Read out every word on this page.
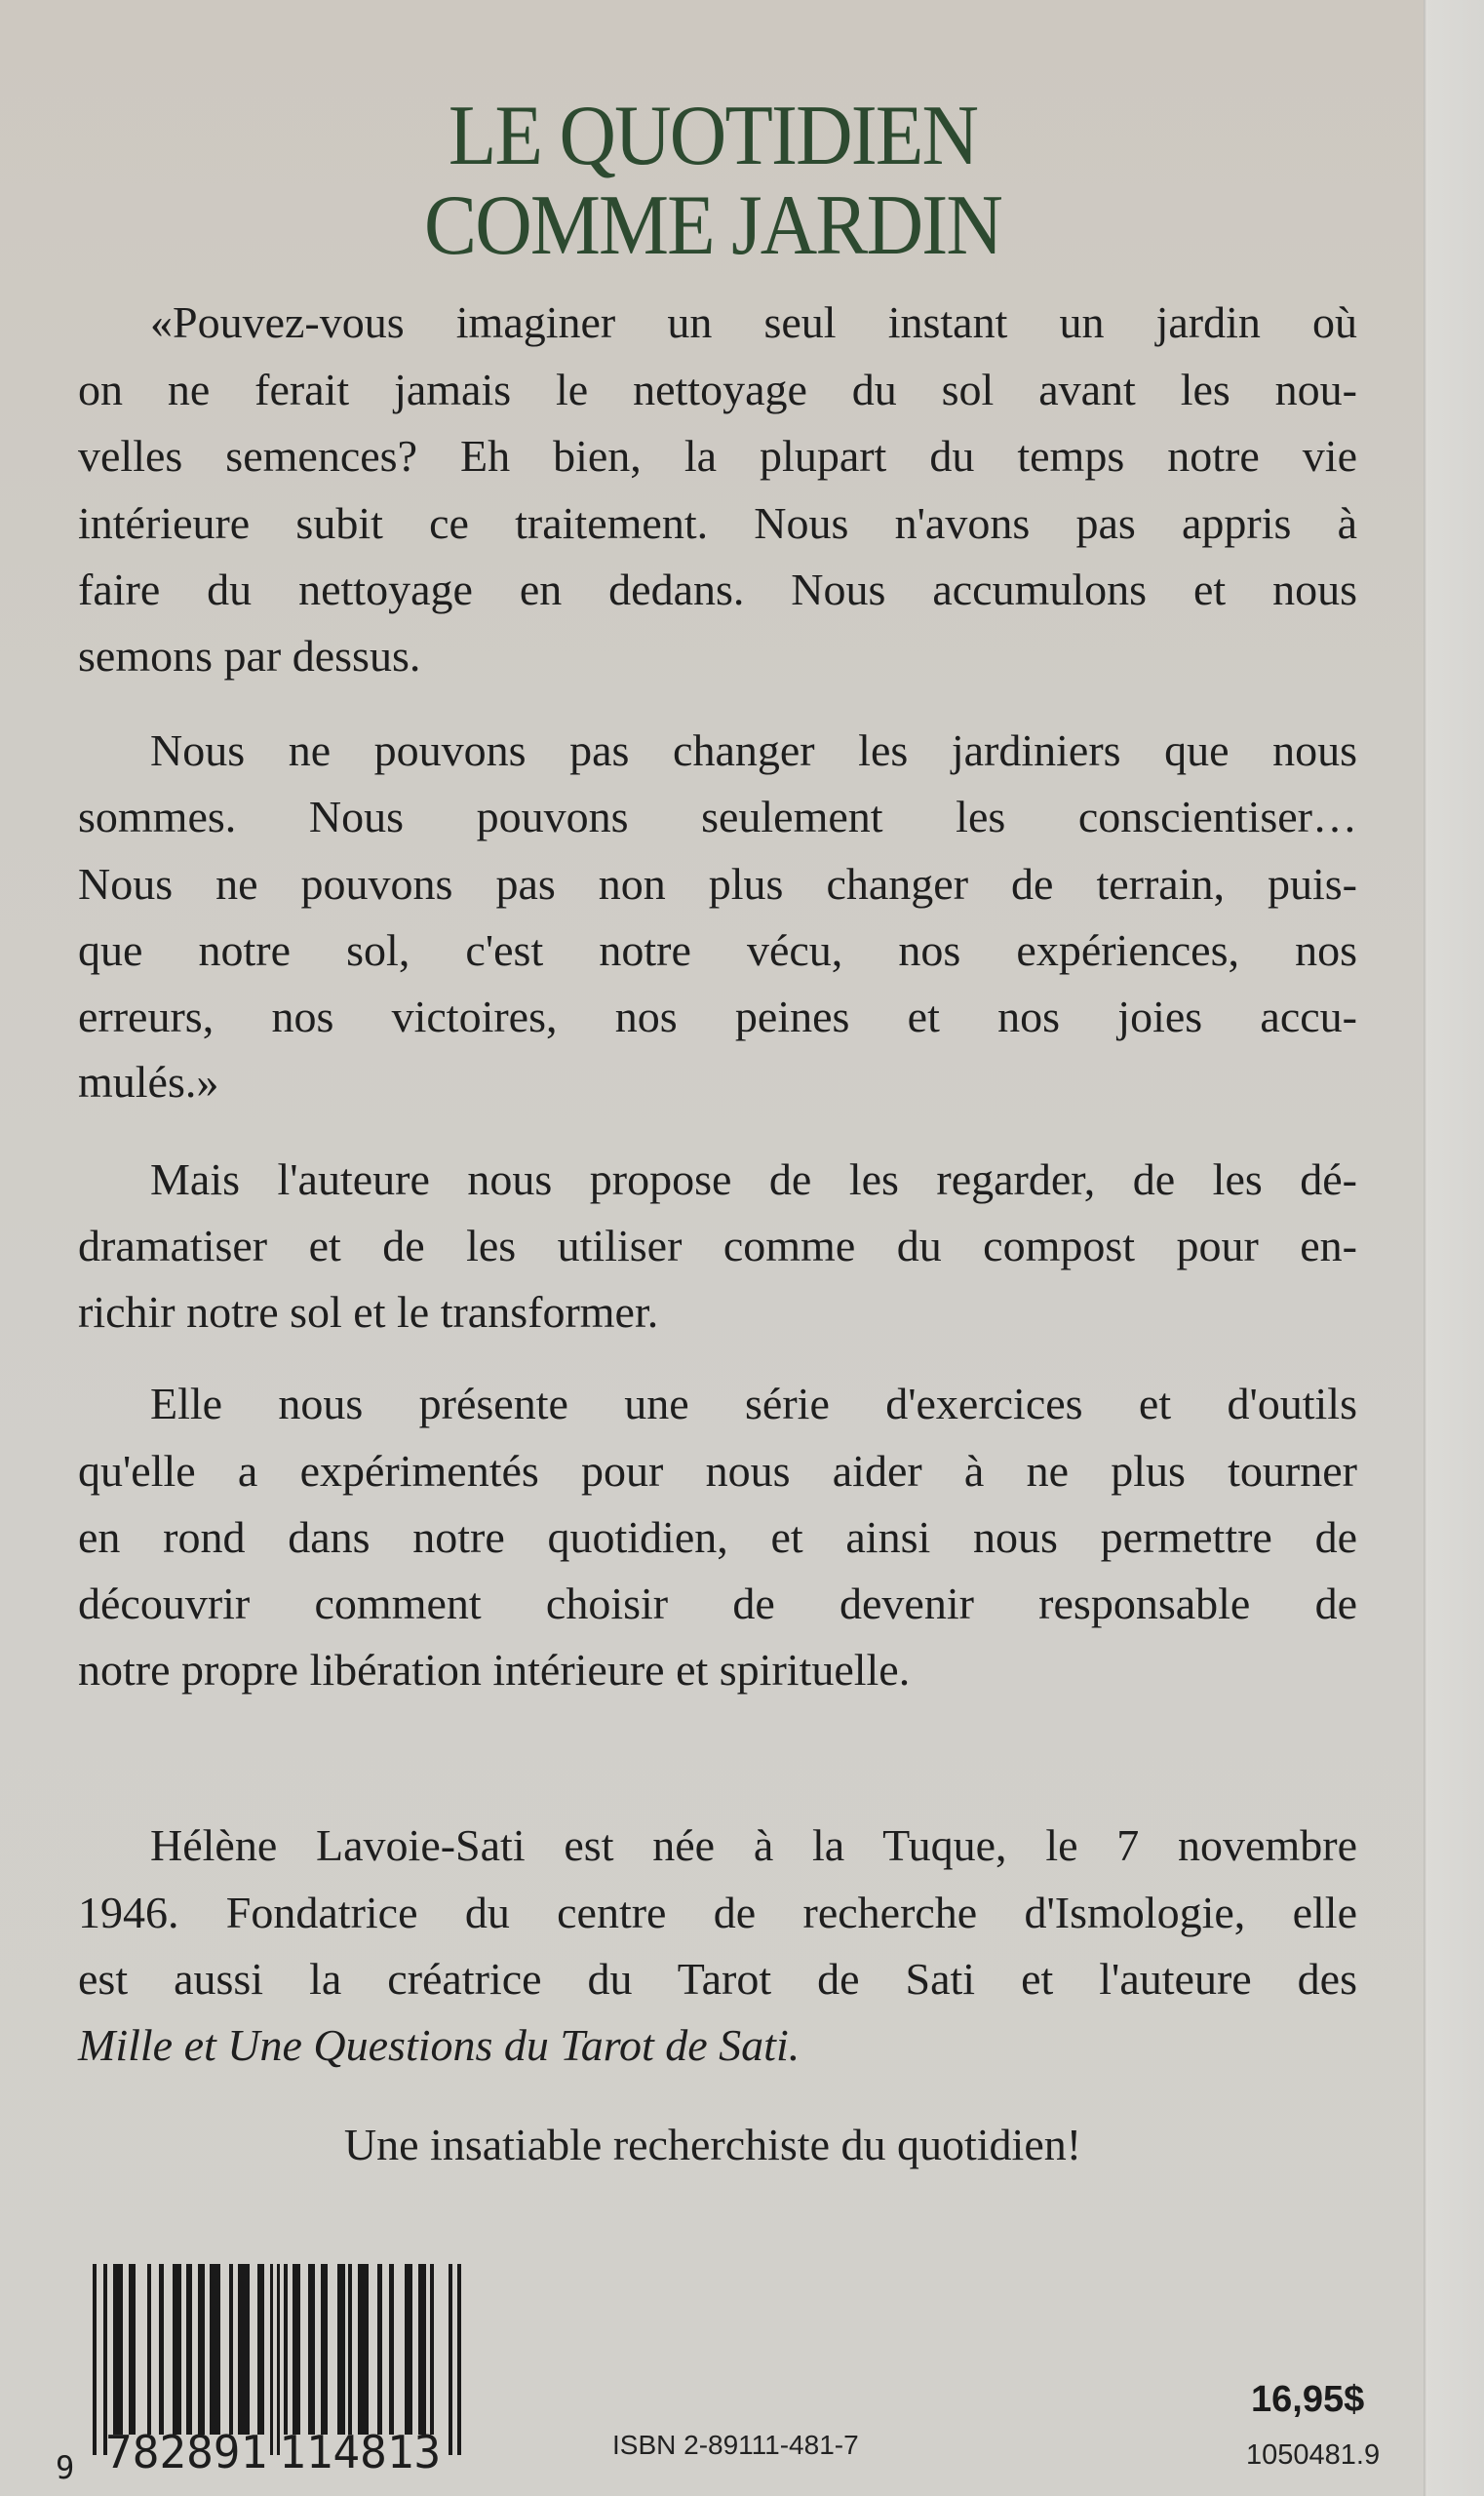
LE QUOTIDIEN
COMME JARDIN
«Pouvez-vous imaginer un seul instant un jardin où
on ne ferait jamais le nettoyage du sol avant les nou-
velles semences? Eh bien, la plupart du temps notre vie
intérieure subit ce traitement. Nous n'avons pas appris à
faire du nettoyage en dedans. Nous accumulons et nous
semons par dessus.
Nous ne pouvons pas changer les jardiniers que nous
sommes. Nous pouvons seulement les conscientiser…
Nous ne pouvons pas non plus changer de terrain, puis-
que notre sol, c'est notre vécu, nos expériences, nos
erreurs, nos victoires, nos peines et nos joies accu-
mulés.»
Mais l'auteure nous propose de les regarder, de les dé-
dramatiser et de les utiliser comme du compost pour en-
richir notre sol et le transformer.
Elle nous présente une série d'exercices et d'outils
qu'elle a expérimentés pour nous aider à ne plus tourner
en rond dans notre quotidien, et ainsi nous permettre de
découvrir comment choisir de devenir responsable de
notre propre libération intérieure et spirituelle.
Hélène Lavoie-Sati est née à la Tuque, le 7 novembre
1946. Fondatrice du centre de recherche d'Ismologie, elle
est aussi la créatrice du Tarot de Sati et l'auteure des
Mille et Une Questions du Tarot de Sati.
Une insatiable recherchiste du quotidien!
9 782891 114813	ISBN 2-89111-481-7
16,95$
1050481.9
